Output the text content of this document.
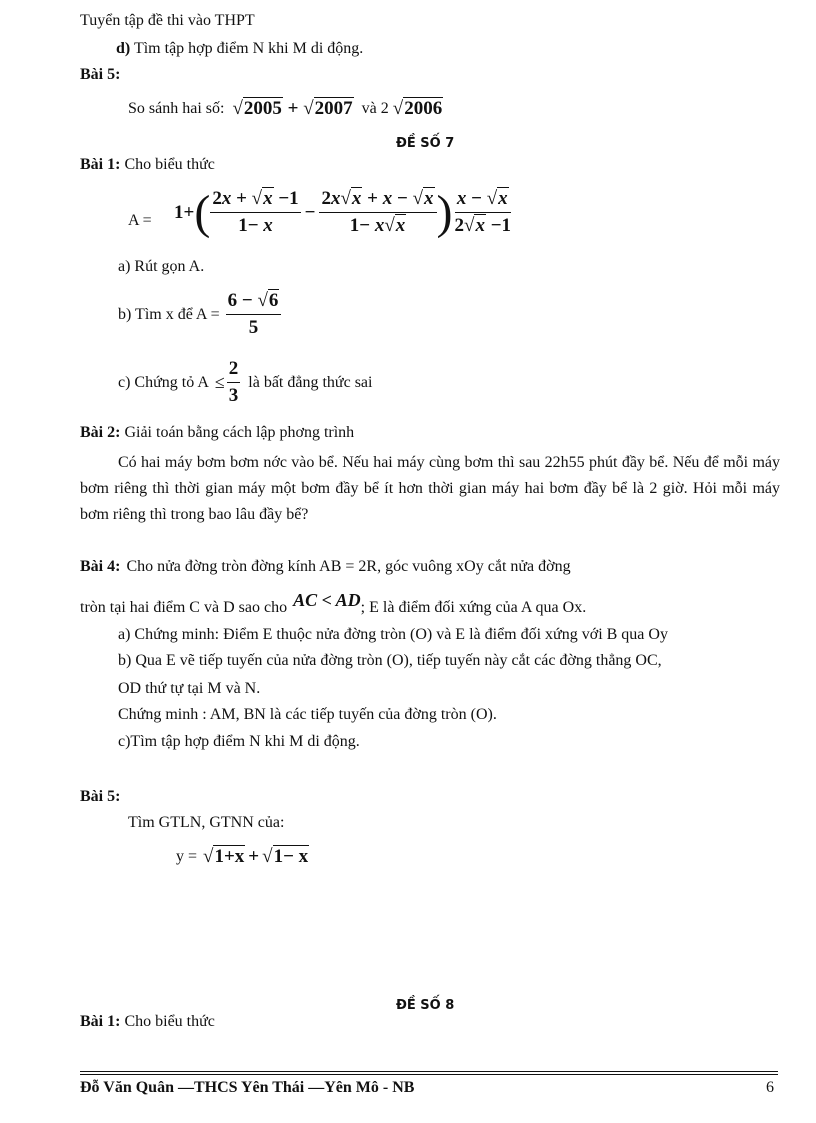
Tuyển tập đề thi vào THPT
d) Tìm tập hợp điểm N khi M di động.
Bài 5:
So sánh hai số: √2005 + √2007 và 2 √2006
ĐỀ SỐ 7
Bài 1: Cho biểu thức
A = 1+ ( $\frac{2x + √x -1}{1- x} - \frac{2x√x + x - √x}{1- x√x}$ ) $\frac{x - √x}{2√x -1}$
a) Rút gọn A.
b) Tìm x để $A = \frac{6 - √6}{5}$
c) Chứng tỏ $A \le \frac{2}{3}$ là bất đẳng thức sai
Bài 2: Giải toán bằng cách lập phơng trình
Có hai máy bơm bơm nớc vào bể. Nếu hai máy cùng bơm thì sau 22h55 phút đầy bể. Nếu để mỗi máy bơm riêng thì thời gian máy một bơm đầy bể ít hơn thời gian máy hai bơm đầy bể là 2 giờ. Hỏi mỗi máy bơm riêng thì trong bao lâu đầy bể?
Bài 4: Cho nửa đờng tròn đờng kính AB = 2R, góc vuông xOy cắt nửa đờng
tròn tại hai điểm C và D sao cho AC < AD ; E là điểm đối xứng của A qua Ox.
a) Chứng minh: Điểm E thuộc nửa đờng tròn (O) và E là điểm đối xứng với B qua Oy
b) Qua E vẽ tiếp tuyến của nửa đờng tròn (O), tiếp tuyến này cắt các đờng thẳng OC,
OD thứ tự tại M và N.
Chứng minh : AM, BN là các tiếp tuyến của đờng tròn (O).
c)Tìm tập hợp điểm N khi M di động.
Bài 5:
Tìm GTLN, GTNN của:
y = √1+x + √1− x
ĐỀ SỐ 8
Bài 1: Cho biểu thức
Đỗ Văn Quân —THCS Yên Thái —Yên Mô - NB	6
